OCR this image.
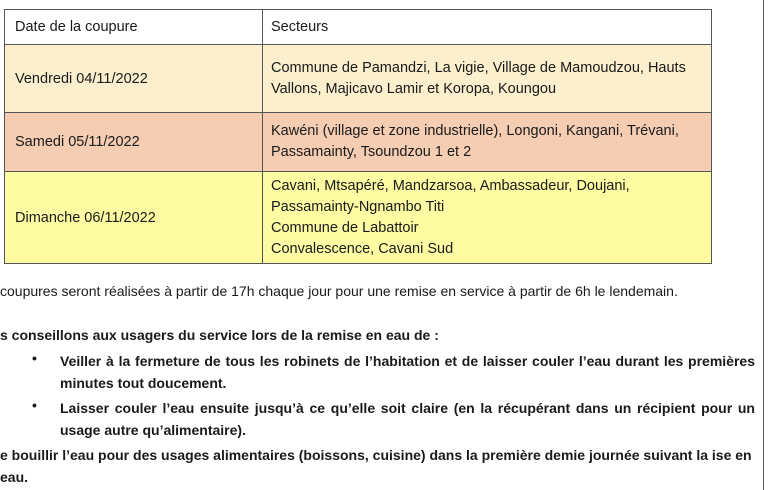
Date de la coupure	Secteurs
Vendredi 04/11/2022	Commune de Pamandzi, La vigie, Village de Mamoudzou, Hauts
Vallons, Majicavo Lamir et Koropa, Koungou

Samedi 05/11/2022	Kawéni (village et zone industrielle), Longoni, Kangani, Trévani,
Passamainty, Tsoundzou 1 et 2

Dimanche 06/11/2022	Cavani, Mtsapéré, Mandzarsoa, Ambassadeur, Doujani,
Passamainty-Ngnambo Titi
Commune de Labattoir
Convalescence, Cavani Sud

coupures seront réalisées à partir de 17h chaque jour pour une remise en service à partir de 6h le lendemain.

s conseillons aux usagers du service lors de la remise en eau de :

• Veiller à la fermeture de tous les robinets de l’habitation et de laisser couler l’eau durant les premières minutes tout doucement.
• Laisser couler l’eau ensuite jusqu’à ce qu’elle soit claire (en la récupérant dans un récipient pour un usage autre qu’alimentaire).
e bouillir l’eau pour des usages alimentaires (boissons, cuisine) dans la première demie journée suivant la ise en eau.
